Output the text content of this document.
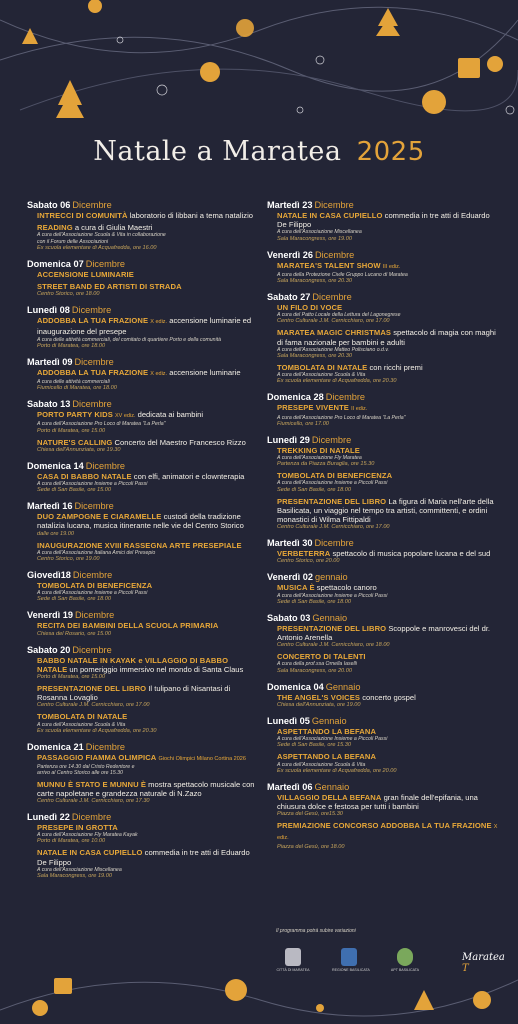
Natale a Maratea 2025
Sabato 06 Dicembre
INTRECCI DI COMUNITÀ laboratorio di libbani a tema natalizio
READING a cura di Giulia Maestri
A cura dell'Associazione Scuola & Vita in collaborazione
con il Forum delle Associazioni
Ex scuola elementare di Acquafredda, ore 16.00
Domenica 07 Dicembre
ACCENSIONE LUMINARIE
STREET BAND ED ARTISTI DI STRADA
Centro Storico, ore 18.00
Lunedì 08 Dicembre
ADDOBBA LA TUA FRAZIONE X ediz. accensione luminarie ed inaugurazione del presepe
A cura delle attività commerciali, del comitato di quartiere Porto e della comunità
Porto di Maratea, ore 18.00
Martedì 09 Dicembre
ADDOBBA LA TUA FRAZIONE X ediz. accensione luminarie
A cura delle attività commerciali
Fiumicello di Maratea, ore 18.00
Sabato 13 Dicembre
PORTO PARTY KIDS XV ediz. dedicata ai bambini
A cura dell'Associazione Pro Loco di Maratea "La Perla"
Porto di Maratea, ore 15.00
NATURE'S CALLING Concerto del Maestro Francesco Rizzo
Chiesa dell'Annunziata, ore 19.30
Domenica 14 Dicembre
CASA DI BABBO NATALE con elfi, animatori e clownterapia
A cura dell'Associazione Insieme a Piccoli Passi
Sede di San Basile, ore 15.00
Martedì 16 Dicembre
DUO ZAMPOGNE E CIARAMELLE custodi della tradizione natalizia lucana, musica itinerante nelle vie del Centro Storico
dalle ore 19.00
INAUGURAZIONE XVIII RASSEGNA ARTE PRESEPIALE
A cura dell'Associazione Italiana Amici del Presepio
Centro Storico, ore 19.00
Giovedì18 Dicembre
TOMBOLATA DI BENEFICENZA
A cura dell'Associazione Insieme a Piccoli Passi
Sede di San Basile, ore 18.00
Venerdì 19 Dicembre
RECITA DEI BAMBINI DELLA SCUOLA PRIMARIA
Chiesa del Rosario, ore 15.00
Sabato 20 Dicembre
BABBO NATALE IN KAYAK e VILLAGGIO DI BABBO NATALE un pomeriggio immersivo nel mondo di Santa Claus
Porto di Maratea, ore 15.00
PRESENTAZIONE DEL LIBRO Il tulipano di Nisantasi di Rosanna Lovaglio
Centro Culturale J.M. Cernicchiaro, ore 17.00
TOMBOLATA DI NATALE
A cura dell'Associazione Scuola & Vita
Ex scuola elementare di Acquafredda, ore 20.30
Domenica 21 Dicembre
PASSAGGIO FIAMMA OLIMPICA Giochi Olimpici Milano Cortina 2026
Partenza ore 14.30 dal Cristo Redentore e
arrivo al Centro Storico alle ore 15.30
MUNNU È STATO E MUNNU È mostra spettacolo musicale con carte napoletane e grandezza naturale di N.Zazo
Centro Culturale J.M. Cernicchiaro, ore 17.30
Lunedì 22 Dicembre
PRESEPE IN GROTTA
A cura dell'Associazione Fly Maratea Kayak
Porto di Maratea, ore 10.00
NATALE IN CASA CUPIELLO commedia in tre atti di Eduardo De Filippo
A cura dell'Associazione Miscellanea
Sala Maracongress, ore 19.00
Martedì 23 Dicembre
NATALE IN CASA CUPIELLO commedia in tre atti di Eduardo De Filippo
A cura dell'Associazione Miscellanea
Sala Maracongress, ore 19.00
Venerdì 26 Dicembre
MARATEA'S TALENT SHOW III ediz.
A cura della Protezione Civile Gruppo Lucano di Maratea
Sala Maracongress, ore 20.30
Sabato 27 Dicembre
UN FILO DI VOCE
A cura del Patto Locale della Lettura del Lagonegrese
Centro Culturale J.M. Cernicchiaro, ore 17.00
MARATEA MAGIC CHRISTMAS spettacolo di magia con maghi di fama nazionale per bambini e adulti
A cura dell'Associazione Matteo Polisciano o.d.v.
Sala Maracongress, ore 20.30
TOMBOLATA DI NATALE con ricchi premi
A cura dell'Associazione Scuola & Vita
Ex scuola elementare di Acquafredda, ore 20.30
Domenica 28 Dicembre
PRESEPE VIVENTE II ediz.
A cura dell'Associazione Pro Loco di Maratea "La Perla"
Fiumicello, ore 17.00
Lunedì 29 Dicembre
TREKKING DI NATALE
A cura dell'Associazione Fly Maratea
Partenza da Piazza Buraglia, ore 15.30
TOMBOLATA DI BENEFICENZA
A cura dell'Associazione Insieme a Piccoli Passi
Sede di San Basile, ore 18.00
PRESENTAZIONE DEL LIBRO La figura di Maria nell'arte della Basilicata, un viaggio nel tempo tra artisti, committenti, e ordini monastici di Wilma Fittipaldi
Centro Culturale J.M. Cernicchiaro, ore 17.00
Martedì 30 Dicembre
VERBETERRA spettacolo di musica popolare lucana e del sud
Centro Storico, ore 20.00
Venerdì 02 gennaio
MUSICA È spettacolo canoro
A cura dell'Associazione Insieme a Piccoli Passi
Sede di San Basile, ore 18.00
Sabato 03 Gennaio
PRESENTAZIONE DEL LIBRO Scoppole e manrovesci del dr. Antonio Arenella
Centro Culturale J.M. Cernicchiaro, ore 18.00
CONCERTO DI TALENTI
A cura della prof.ssa Ornella Iaselli
Sala Maracongress, ore 20.00
Domenica 04 Gennaio
THE ANGEL'S VOICES concerto gospel
Chiesa dell'Annunziata, ore 19.00
Lunedì 05 Gennaio
ASPETTANDO LA BEFANA
A cura dell'Associazione Insieme a Piccoli Passi
Sede di San Basile, ore 15.30
ASPETTANDO LA BEFANA
A cura dell'Associazione Scuola & Vita
Ex scuola elementare di Acquafredda, ore 20.00
Martedì 06 Gennaio
VILLAGGIO DELLA BEFANA gran finale dell'epifania, una chiusura dolce e festosa per tutti i bambini
Piazza del Gesù, ore15.30
PREMIAZIONE CONCORSO ADDOBBA LA TUA FRAZIONE X ediz.
Piazza del Gesù, ore 18.00
Il programma potrà subire variazioni
CITTÀ DI MARATEA	REGIONE BASILICATA	APT BASILICATA
Maratea T
